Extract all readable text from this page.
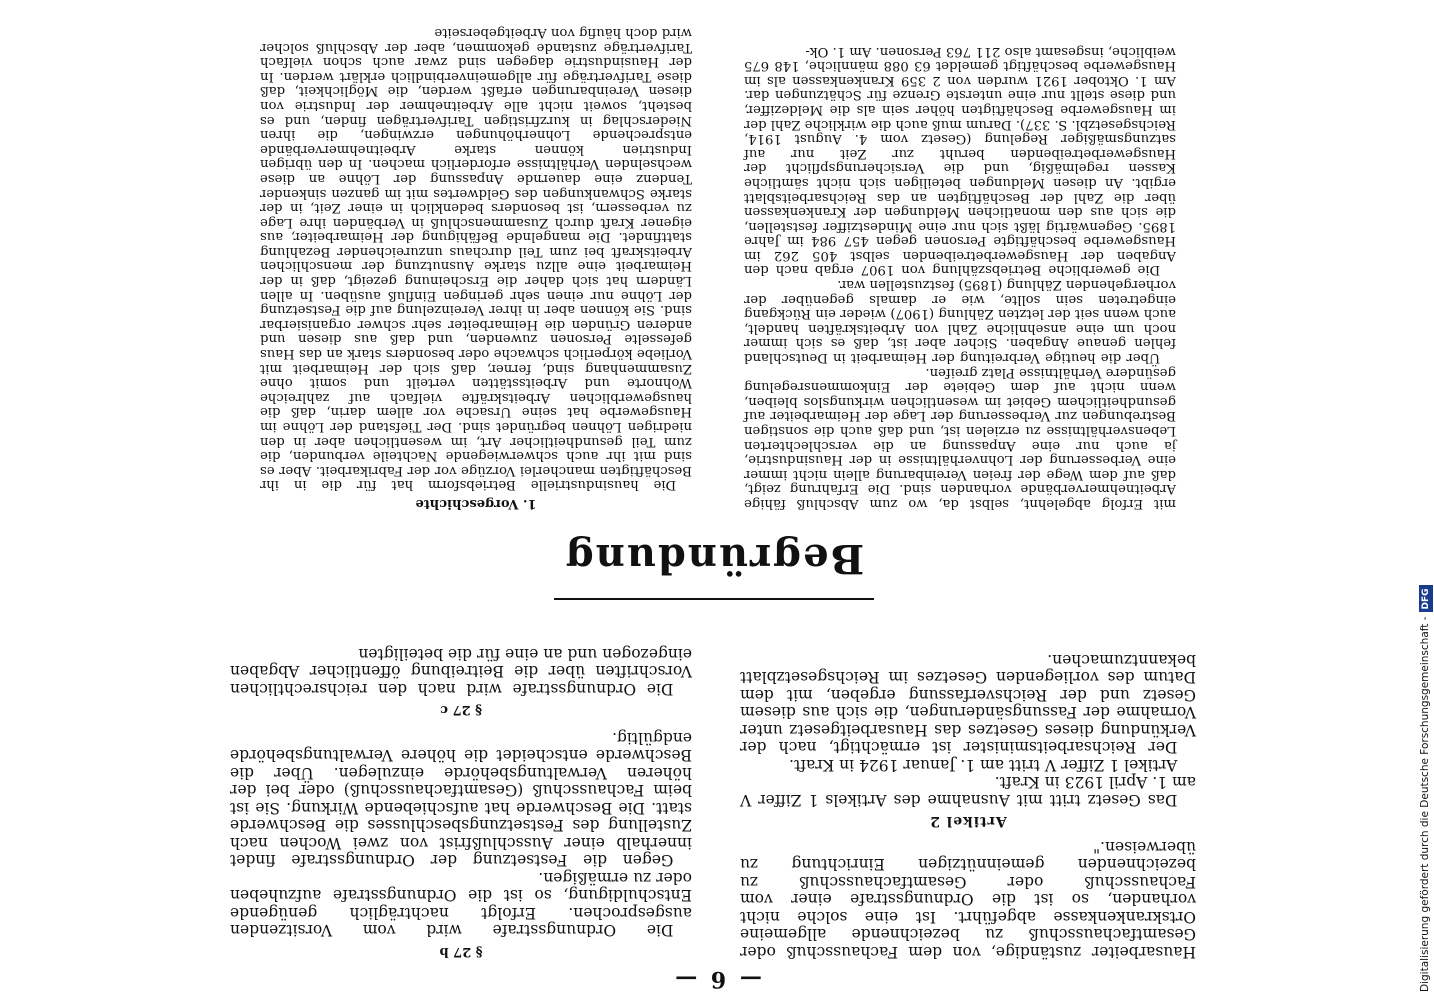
— 6 —

Hausarbeiter zuständige, von dem Fachausschuß oder Gesamtfachausschuß zu bezeichnende allgemeine Ortskrankenkasse abgeführt. Ist eine solche nicht vorhanden, so ist die Ordnungsstrafe einer vom Fachausschuß oder Gesamtfachausschuß zu bezeichnenden gemeinnützigen Einrichtung zu überweisen."

Artikel 2

Das Gesetz tritt mit Ausnahme des Artikels 1 Ziffer V am 1. April 1923 in Kraft.

Artikel 1 Ziffer V tritt am 1. Januar 1924 in Kraft.

Der Reichsarbeitsminister ist ermächtigt, nach der Verkündung dieses Gesetzes das Hausarbeitgesetz unter Vornahme der Fassungsänderungen, die sich aus diesem Gesetz und der Reichsverfassung ergeben, mit dem Datum des vorliegenden Gesetzes im Reichsgesetzblatt bekanntzumachen.

§ 27 b

Die Ordnungsstrafe wird vom Vorsitzenden ausgesprochen. Erfolgt nachträglich genügende Entschuldigung, so ist die Ordnungsstrafe aufzuheben oder zu ermäßigen.

Gegen die Festsetzung der Ordnungsstrafe findet innerhalb einer Ausschlußfrist von zwei Wochen nach Zustellung des Festsetzungsbeschlusses die Beschwerde statt. Die Beschwerde hat aufschiebende Wirkung. Sie ist beim Fachausschuß (Gesamtfachausschuß) oder bei der höheren Verwaltungsbehörde einzulegen. Über die Beschwerde entscheidet die höhere Verwaltungsbehörde endgültig.

§ 27 c

Die Ordnungsstrafe wird nach den reichsrechtlichen Vorschriften über die Beitreibung öffentlicher Abgaben eingezogen und an eine für die beteiligten

Begründung

mit Erfolg abgelehnt, selbst da, wo zum Abschluß fähige Arbeitnehmerverbände vorhanden sind. Die Erfahrung zeigt, daß auf dem Wege der freien Vereinbarung allein nicht immer eine Verbesserung der Lohnverhältnisse in der Hausindustrie, ja auch nur eine Anpassung an die verschlechterten Lebensverhältnisse zu erzielen ist, und daß auch die sonstigen Bestrebungen zur Verbesserung der Lage der Heimarbeiter auf gesundheitlichem Gebiet im wesentlichen wirkungslos bleiben, wenn nicht auf dem Gebiete der Einkommensregelung gesündere Verhältnisse Platz greifen.

Über die heutige Verbreitung der Heimarbeit in Deutschland fehlen genaue Angaben. Sicher aber ist, daß es sich immer noch um eine ansehnliche Zahl von Arbeitskräften handelt, auch wenn seit der letzten Zählung (1907) wieder ein Rückgang eingetreten sein sollte, wie er damals gegenüber der vorhergehenden Zählung (1895) festzustellen war.

Die gewerbliche Betriebszählung von 1907 ergab nach den Angaben der Hausgewerbetreibenden selbst 405 262 im Hausgewerbe beschäftigte Personen gegen 457 984 im Jahre 1895. Gegenwärtig läßt sich nur eine Mindestziffer feststellen, die sich aus den monatlichen Meldungen der Krankenkassen über die Zahl der Beschäftigten an das Reichsarbeitsblatt ergibt. An diesen Meldungen beteiligen sich nicht sämtliche Kassen regelmäßig, und die Versicherungspflicht der Hausgewerbetreibenden beruht zur Zeit nur auf satzungsmäßiger Regelung (Gesetz vom 4. August 1914, Reichsgesetzbl. S. 337). Darum muß auch die wirkliche Zahl der im Hausgewerbe Beschäftigten höher sein als die Meldeziffer, und diese stellt nur eine unterste Grenze für Schätzungen dar. Am 1. Oktober 1921 wurden von 2 359 Krankenkassen als im Hausgewerbe beschäftigt gemeldet 63 088 männliche, 148 675 weibliche, insgesamt also 211 763 Personen. Am 1. Ok-

1. Vorgeschichte

Die hausindustrielle Betriebsform hat für die in ihr Beschäftigten mancherlei Vorzüge vor der Fabrikarbeit. Aber es sind mit ihr auch schwerwiegende Nachteile verbunden, die zum Teil gesundheitlicher Art, im wesentlichen aber in den niedrigen Löhnen begründet sind. Der Tiefstand der Löhne im Hausgewerbe hat seine Ursache vor allem darin, daß die hausgewerblichen Arbeitskräfte vielfach auf zahlreiche Wohnorte und Arbeitsstätten verteilt und somit ohne Zusammenhang sind, ferner, daß sich der Heimarbeit mit Vorliebe körperlich schwache oder besonders stark an das Haus gefesselte Personen zuwenden, und daß aus diesen und anderen Gründen die Heimarbeiter sehr schwer organisierbar sind. Sie können aber in ihrer Vereinzelung auf die Festsetzung der Löhne nur einen sehr geringen Einfluß ausüben. In allen Ländern hat sich daher die Erscheinung gezeigt, daß in der Heimarbeit eine allzu starke Ausnutzung der menschlichen Arbeitskraft bei zum Teil durchaus unzureichender Bezahlung stattfindet. Die mangelnde Befähigung der Heimarbeiter, aus eigener Kraft durch Zusammenschluß in Verbänden ihre Lage zu verbessern, ist besonders bedenklich in einer Zeit, in der starke Schwankungen des Geldwertes mit im ganzen sinkender Tendenz eine dauernde Anpassung der Löhne an diese wechselnden Verhältnisse erforderlich machen. In den übrigen Industrien können starke Arbeitnehmerverbände entsprechende Lohnerhöhungen erzwingen, die ihren Niederschlag in kurzfristigen Tarifverträgen finden, und es besteht, soweit nicht alle Arbeitnehmer der Industrie von diesen Vereinbarungen erfaßt werden, die Möglichkeit, daß diese Tarifverträge für allgemeinverbindlich erklärt werden. In der Hausindustrie dagegen sind zwar auch schon vielfach Tarifverträge zustande gekommen, aber der Abschluß solcher wird doch häufig von Arbeitgeberseite

Digitalisierung gefördert durch die Deutsche Forschungsgemeinschaft -DFG
